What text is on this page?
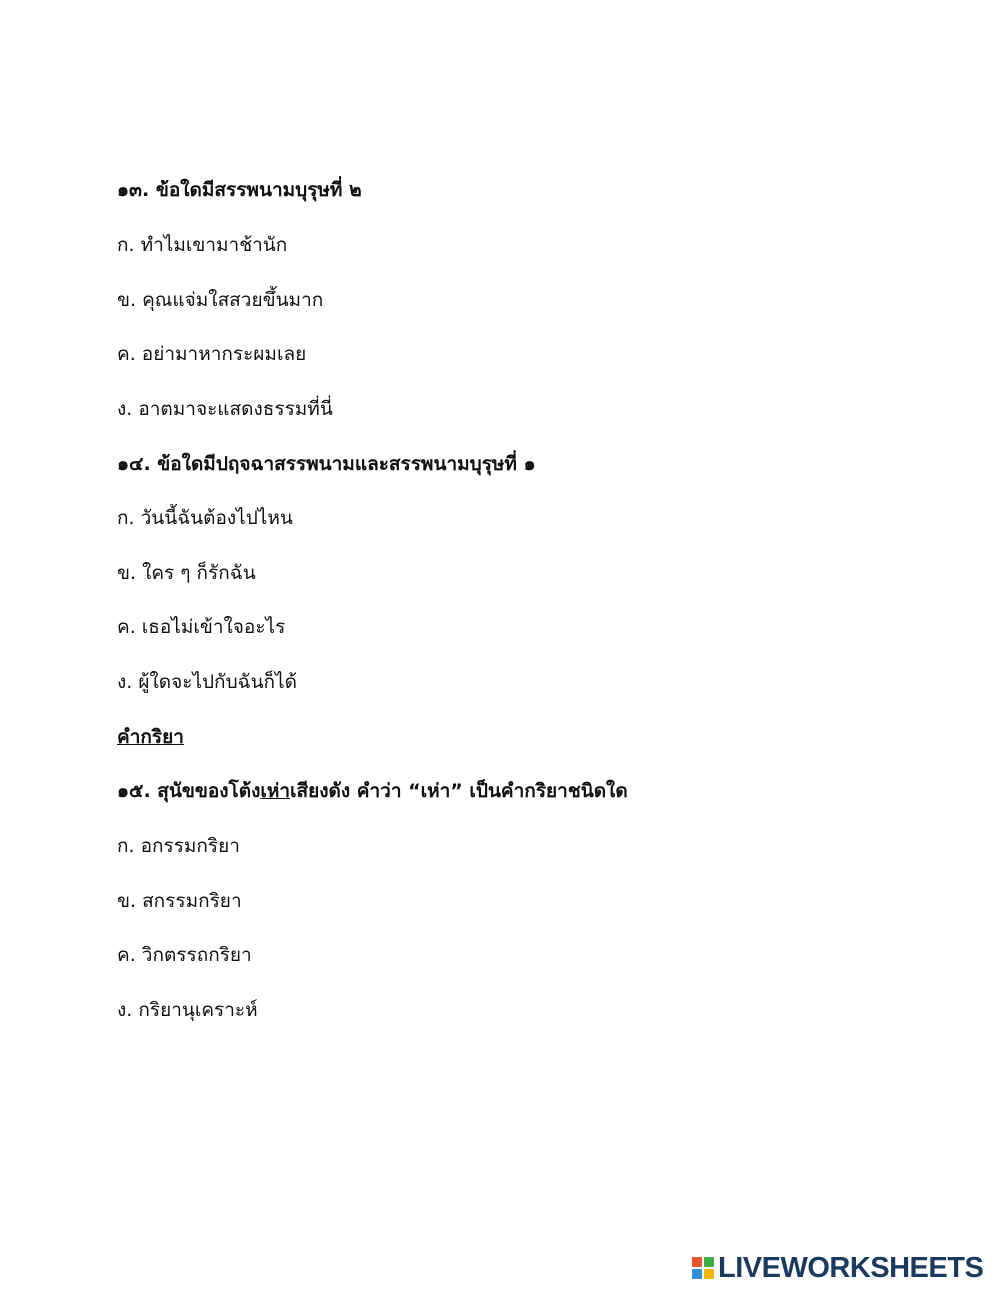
๑๓. ข้อใดมีสรรพนามบุรุษที่ ๒
ก. ทำไมเขามาช้านัก
ข. คุณแจ่มใสสวยขึ้นมาก
ค. อย่ามาหากระผมเลย
ง. อาตมาจะแสดงธรรมที่นี่
๑๔. ข้อใดมีปฤจฉาสรรพนามและสรรพนามบุรุษที่ ๑
ก. วันนี้ฉันต้องไปไหน
ข. ใคร ๆ ก็รักฉัน
ค. เธอไม่เข้าใจอะไร
ง. ผู้ใดจะไปกับฉันก็ได้
คำกริยา
๑๕. สุนัขของโต้งเห่าเสียงดัง คำว่า “เห่า” เป็นคำกริยาชนิดใด
ก. อกรรมกริยา
ข. สกรรมกริยา
ค. วิกตรรถกริยา
ง. กริยานุเคราะห์
LIVEWORKSHEETS
